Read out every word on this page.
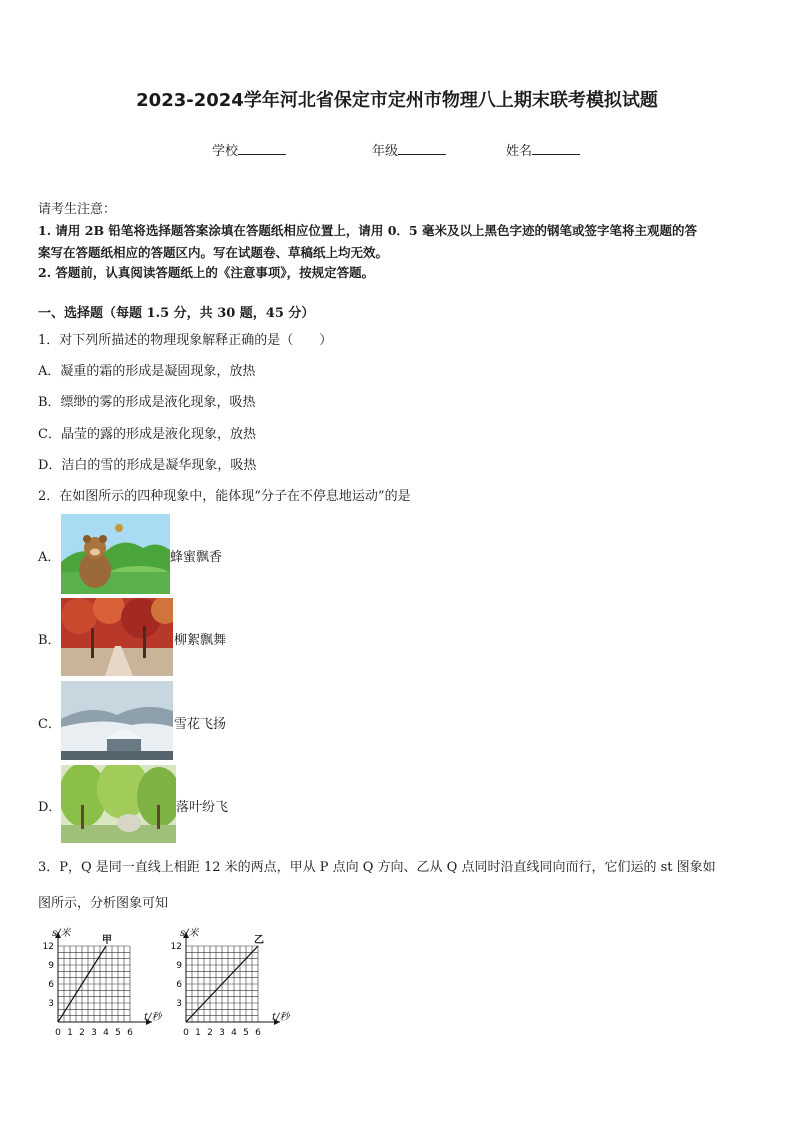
2023-2024学年河北省保定市定州市物理八上期末联考模拟试题
学校	年级	姓名
请考生注意：
1. 请用 2B 铅笔将选择题答案涂填在答题纸相应位置上，请用 0．5 毫米及以上黑色字迹的钢笔或签字笔将主观题的答
案写在答题纸相应的答题区内。写在试题卷、草稿纸上均无效。
2. 答题前，认真阅读答题纸上的《注意事项》，按规定答题。
一、选择题（每题 1.5 分，共 30 题，45 分）
1．对下列所描述的物理现象解释正确的是（　　）
A．凝重的霜的形成是凝固现象，放热
B．缥缈的雾的形成是液化现象，吸热
C．晶莹的露的形成是液化现象，放热
D．洁白的雪的形成是凝华现象，吸热
2．在如图所示的四种现象中，能体现“分子在不停息地运动”的是
A．	蜂蜜飘香
B．	柳絮飘舞
C．	雪花飞扬
D．	落叶纷飞
3．P，Q 是同一直线上相距 12 米的两点，甲从 P 点向 Q 方向、乙从 Q 点同时沿直线同向而行，它们运的 st 图象如
图所示，分析图象可知
0 1 2 3 4 5 6
3
6
9
12
s/米
t/秒
甲
0 1 2 3 4 5 6
3
6
9
12
s/米
t/秒
乙
